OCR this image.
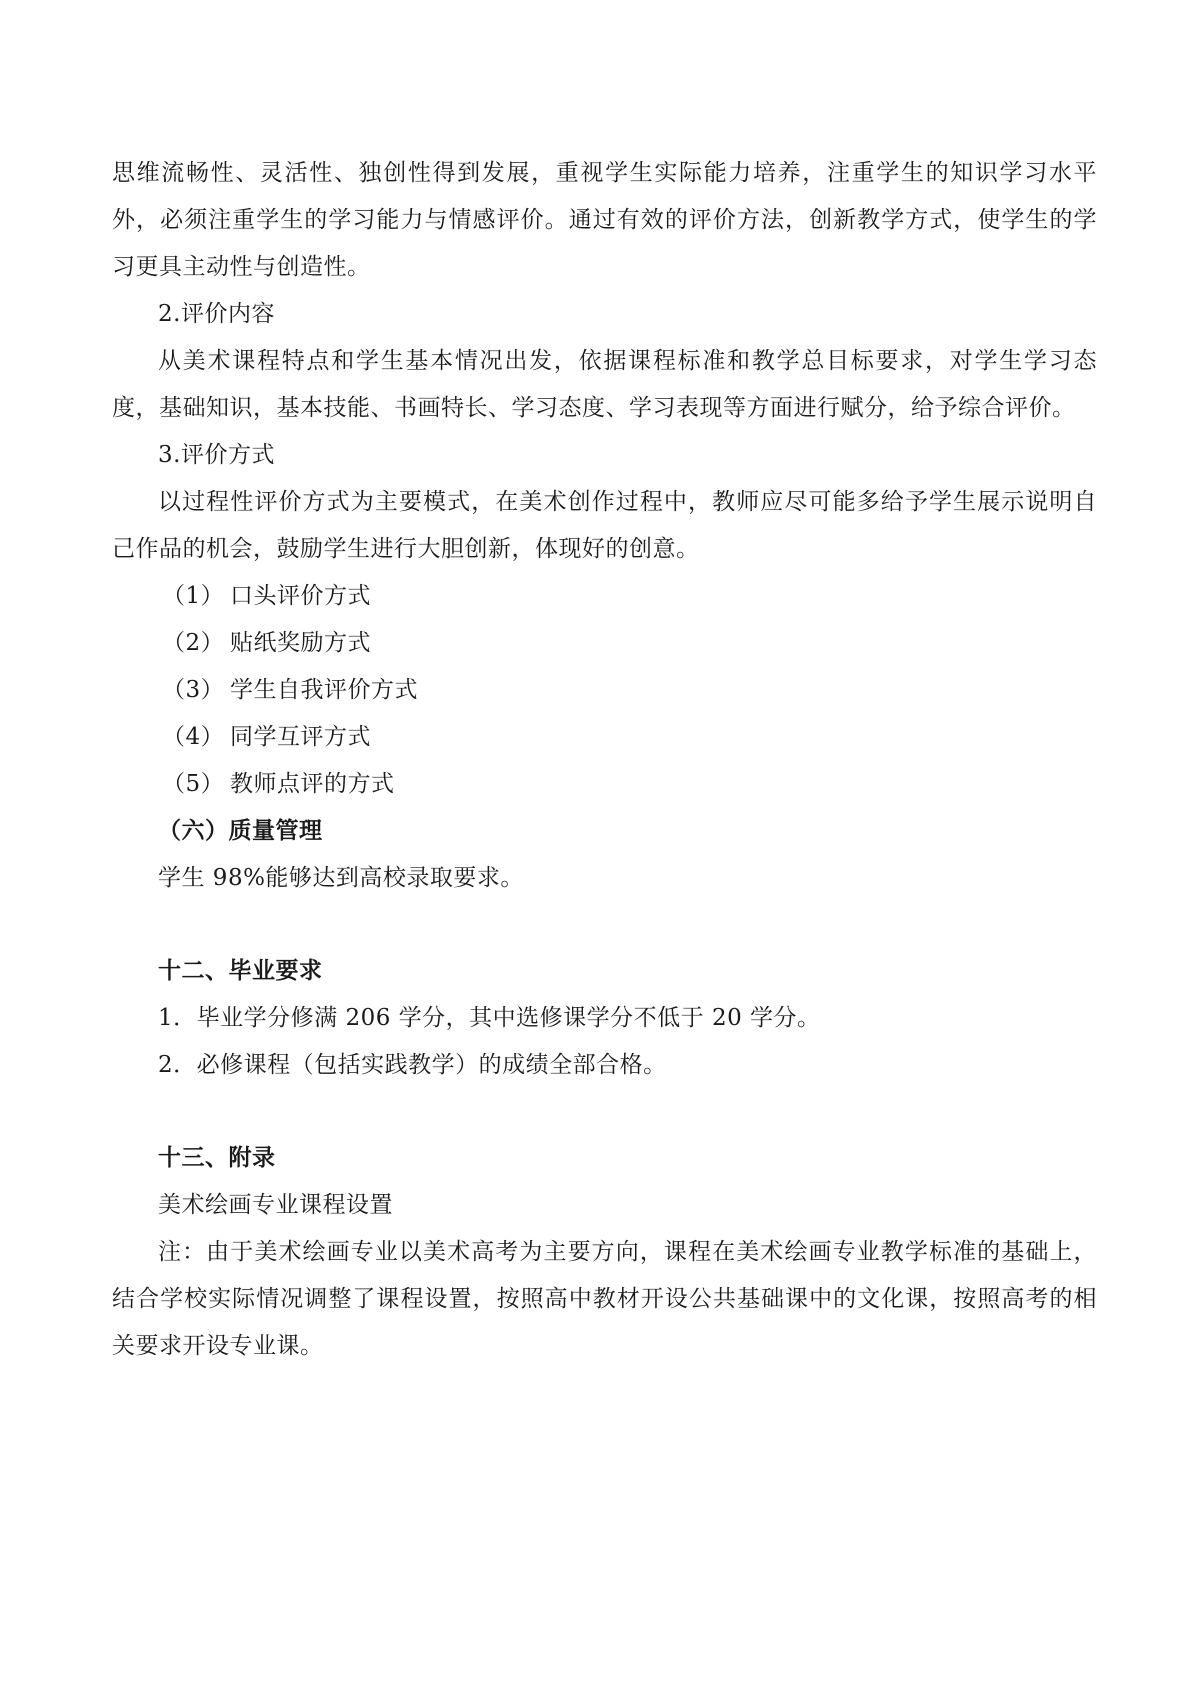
思维流畅性、灵活性、独创性得到发展，重视学生实际能力培养，注重学生的知识学习水平外，必须注重学生的学习能力与情感评价。通过有效的评价方法，创新教学方式，使学生的学习更具主动性与创造性。

2.评价内容

从美术课程特点和学生基本情况出发，依据课程标准和教学总目标要求，对学生学习态度，基础知识，基本技能、书画特长、学习态度、学习表现等方面进行赋分，给予综合评价。

3.评价方式

以过程性评价方式为主要模式，在美术创作过程中，教师应尽可能多给予学生展示说明自己作品的机会，鼓励学生进行大胆创新，体现好的创意。

（1） 口头评价方式

（2） 贴纸奖励方式

（3） 学生自我评价方式

（4） 同学互评方式

（5） 教师点评的方式

（六）质量管理

学生 98%能够达到高校录取要求。

十二、毕业要求

1．毕业学分修满 206 学分，其中选修课学分不低于 20 学分。

2．必修课程（包括实践教学）的成绩全部合格。

十三、附录

美术绘画专业课程设置

注：由于美术绘画专业以美术高考为主要方向，课程在美术绘画专业教学标准的基础上，结合学校实际情况调整了课程设置，按照高中教材开设公共基础课中的文化课，按照高考的相关要求开设专业课。
